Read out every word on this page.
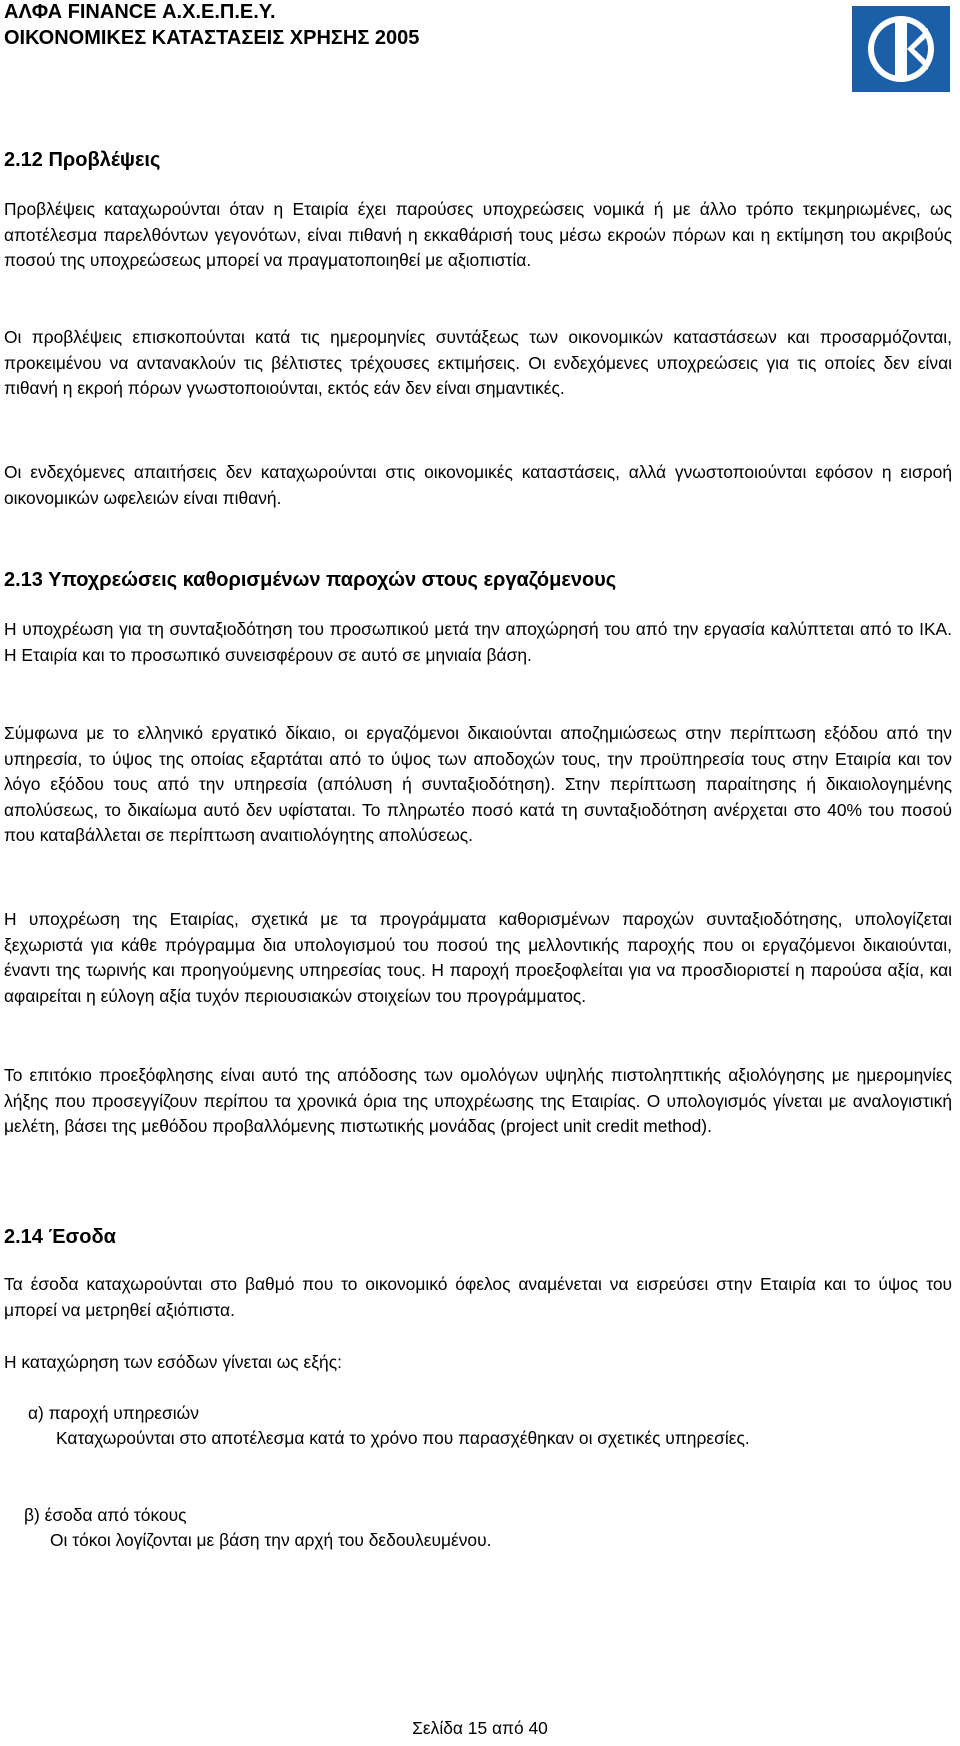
ΑΛΦΑ FINANCE Α.Χ.Ε.Π.Ε.Υ.
ΟΙΚΟΝΟΜΙΚΕΣ ΚΑΤΑΣΤΑΣΕΙΣ ΧΡΗΣΗΣ 2005
2.12 Προβλέψεις

Προβλέψεις καταχωρούνται όταν η Εταιρία έχει παρούσες υποχρεώσεις νομικά ή με άλλο τρόπο τεκμηριωμένες, ως αποτέλεσμα παρελθόντων γεγονότων, είναι πιθανή η εκκαθάρισή τους μέσω εκροών πόρων και η εκτίμηση του ακριβούς ποσού της υποχρεώσεως μπορεί να πραγματοποιηθεί με αξιοπιστία.

Οι προβλέψεις επισκοπούνται κατά τις ημερομηνίες συντάξεως των οικονομικών καταστάσεων και προσαρμόζονται, προκειμένου να αντανακλούν τις βέλτιστες τρέχουσες εκτιμήσεις. Οι ενδεχόμενες υποχρεώσεις για τις οποίες δεν είναι πιθανή η εκροή πόρων γνωστοποιούνται, εκτός εάν δεν είναι σημαντικές.

Οι ενδεχόμενες απαιτήσεις δεν καταχωρούνται στις οικονομικές καταστάσεις, αλλά γνωστοποιούνται εφόσον η εισροή οικονομικών ωφελειών είναι πιθανή.

2.13 Υποχρεώσεις καθορισμένων παροχών στους εργαζόμενους

Η υποχρέωση για τη συνταξιοδότηση του προσωπικού μετά την αποχώρησή του από την εργασία καλύπτεται από το ΙΚΑ. Η Εταιρία και το προσωπικό συνεισφέρουν σε αυτό σε μηνιαία βάση.

Σύμφωνα με το ελληνικό εργατικό δίκαιο, οι εργαζόμενοι δικαιούνται αποζημιώσεως στην περίπτωση εξόδου από την υπηρεσία, το ύψος της οποίας εξαρτάται από το ύψος των αποδοχών τους, την προϋπηρεσία τους στην Εταιρία και τον λόγο εξόδου τους από την υπηρεσία (απόλυση ή συνταξιοδότηση). Στην περίπτωση παραίτησης ή δικαιολογημένης απολύσεως, το δικαίωμα αυτό δεν υφίσταται. Το πληρωτέο ποσό κατά τη συνταξιοδότηση ανέρχεται στο 40% του ποσού που καταβάλλεται σε περίπτωση αναιτιολόγητης απολύσεως.

Η υποχρέωση της Εταιρίας, σχετικά με τα προγράμματα καθορισμένων παροχών συνταξιοδότησης, υπολογίζεται ξεχωριστά για κάθε πρόγραμμα δια υπολογισμού του ποσού της μελλοντικής παροχής που οι εργαζόμενοι δικαιούνται, έναντι της τωρινής και προηγούμενης υπηρεσίας τους. Η παροχή προεξοφλείται για να προσδιοριστεί η παρούσα αξία, και αφαιρείται η εύλογη αξία τυχόν περιουσιακών στοιχείων του προγράμματος.

Το επιτόκιο προεξόφλησης είναι αυτό της απόδοσης των ομολόγων υψηλής πιστοληπτικής αξιολόγησης με ημερομηνίες λήξης που προσεγγίζουν περίπου τα χρονικά όρια της υποχρέωσης της Εταιρίας. Ο υπολογισμός γίνεται με αναλογιστική μελέτη, βάσει της μεθόδου προβαλλόμενης πιστωτικής μονάδας (project unit credit method).

2.14 Έσοδα

Τα έσοδα καταχωρούνται στο βαθμό που το οικονομικό όφελος αναμένεται να εισρεύσει στην Εταιρία και το ύψος του μπορεί να μετρηθεί αξιόπιστα.

Η καταχώρηση των εσόδων γίνεται ως εξής:

α) παροχή υπηρεσιών
Καταχωρούνται στο αποτέλεσμα κατά το χρόνο που παρασχέθηκαν οι σχετικές υπηρεσίες.
β) έσοδα από τόκους
Οι τόκοι λογίζονται με βάση την αρχή του δεδουλευμένου.
Σελίδα 15 από 40
